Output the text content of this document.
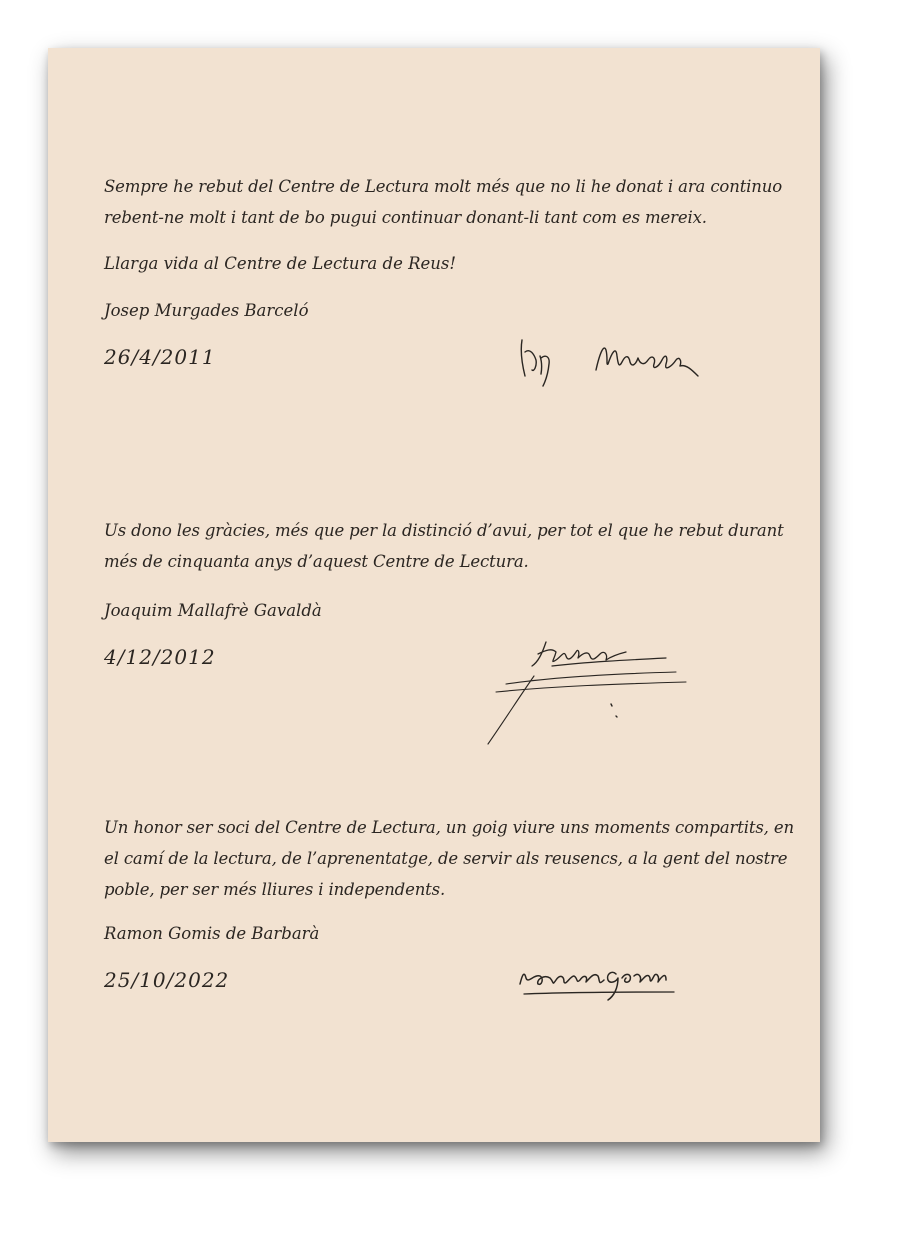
Sempre he rebut del Centre de Lectura molt més que no li he donat i ara continuo
rebent-ne molt i tant de bo pugui continuar donant-li tant com es mereix.

Llarga vida al Centre de Lectura de Reus!

Josep Murgades Barceló

26/4/2011

Us dono les gràcies, més que per la distinció d’avui, per tot el que he rebut durant
més de cinquanta anys d’aquest Centre de Lectura.

Joaquim Mallafrè Gavaldà

4/12/2012

Un honor ser soci del Centre de Lectura, un goig viure uns moments compartits, en
el camí de la lectura, de l’aprenentatge, de servir als reusencs, a la gent del nostre
poble, per ser més lliures i independents.

Ramon Gomis de Barbarà

25/10/2022
